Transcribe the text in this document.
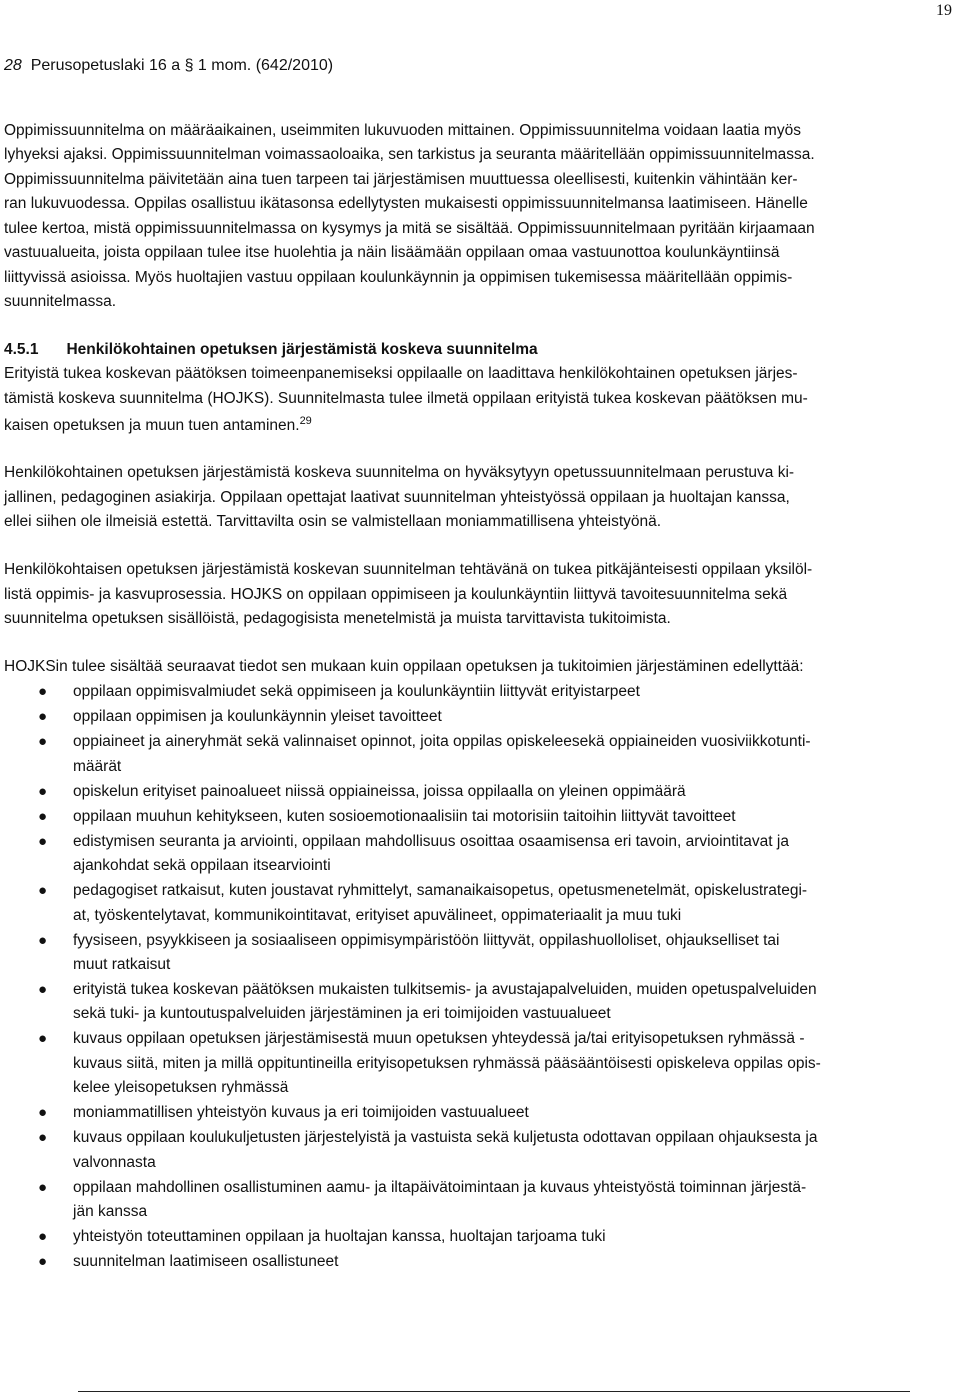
19
28 Perusopetuslaki 16 a § 1 mom. (642/2010)
Oppimissuunnitelma on määräaikainen, useimmiten lukuvuoden mittainen. Oppimissuunnitelma voidaan laatia myös
lyhyeksi ajaksi. Oppimissuunnitelman voimassaoloaika, sen tarkistus ja seuranta määritellään oppimissuunnitelmassa.
Oppimissuunnitelma päivitetään aina tuen tarpeen tai järjestämisen muuttuessa oleellisesti, kuitenkin vähintään ker-
ran lukuvuodessa. Oppilas osallistuu ikätasonsa edellytysten mukaisesti oppimissuunnitelmansa laatimiseen. Hänelle
tulee kertoa, mistä oppimissuunnitelmassa on kysymys ja mitä se sisältää. Oppimissuunnitelmaan pyritään kirjaamaan
vastuualueita, joista oppilaan tulee itse huolehtia ja näin lisäämään oppilaan omaa vastuunottoa koulunkäyntiinsä
liittyvissä asioissa. Myös huoltajien vastuu oppilaan koulunkäynnin ja oppimisen tukemisessa määritellään oppimis-
suunnitelmassa.
4.5.1 Henkilökohtainen opetuksen järjestämistä koskeva suunnitelma
Erityistä tukea koskevan päätöksen toimeenpanemiseksi oppilaalle on laadittava henkilökohtainen opetuksen järjes-
tämistä koskeva suunnitelma (HOJKS). Suunnitelmasta tulee ilmetä oppilaan erityistä tukea koskevan päätöksen mu-
kaisen opetuksen ja muun tuen antaminen.$^{29}$
Henkilökohtainen opetuksen järjestämistä koskeva suunnitelma on hyväksytyyn opetussuunnitelmaan perustuva ki-
jallinen, pedagoginen asiakirja. Oppilaan opettajat laativat suunnitelman yhteistyössä oppilaan ja huoltajan kanssa,
ellei siihen ole ilmeisiä estettä. Tarvittavilta osin se valmistellaan moniammatillisena yhteistyönä.
Henkilökohtaisen opetuksen järjestämistä koskevan suunnitelman tehtävänä on tukea pitkäjänteisesti oppilaan yksilöl-
listä oppimis- ja kasvuprosessia. HOJKS on oppilaan oppimiseen ja koulunkäyntiin liittyvä tavoitesuunnitelma sekä
suunnitelma opetuksen sisällöistä, pedagogisista menetelmistä ja muista tarvittavista tukitoimista.
HOJKSin tulee sisältää seuraavat tiedot sen mukaan kuin oppilaan opetuksen ja tukitoimien järjestäminen edellyttää:
● oppilaan oppimisvalmiudet sekä oppimiseen ja koulunkäyntiin liittyvät erityistarpeet
● oppilaan oppimisen ja koulunkäynnin yleiset tavoitteet
● oppiaineet ja aineryhmät sekä valinnaiset opinnot, joita oppilas opiskeleesekä oppiaineiden vuosiviikkotunti-
määrät
● opiskelun erityiset painoalueet niissä oppiaineissa, joissa oppilaalla on yleinen oppimäärä
● oppilaan muuhun kehitykseen, kuten sosioemotionaalisiin tai motorisiin taitoihin liittyvät tavoitteet
● edistymisen seuranta ja arviointi, oppilaan mahdollisuus osoittaa osaamisensa eri tavoin, arviointitavat ja
ajankohdat sekä oppilaan itsearviointi
● pedagogiset ratkaisut, kuten joustavat ryhmittelyt, samanaikaisopetus, opetusmenetelmät, opiskelustrategi-
at, työskentelytavat, kommunikointitavat, erityiset apuvälineet, oppimateriaalit ja muu tuki
● fyysiseen, psyykkiseen ja sosiaaliseen oppimisympäristöön liittyvät, oppilashuolloliset, ohjaukselliset tai
muut ratkaisut
● erityistä tukea koskevan päätöksen mukaisten tulkitsemis- ja avustajapalveluiden, muiden opetuspalveluiden
sekä tuki- ja kuntoutuspalveluiden järjestäminen ja eri toimijoiden vastuualueet
● kuvaus oppilaan opetuksen järjestämisestä muun opetuksen yhteydessä ja/tai erityisopetuksen ryhmässä -
kuvaus siitä, miten ja millä oppituntineilla erityisopetuksen ryhmässä pääsääntöisesti opiskeleva oppilas opis-
kelee yleisopetuksen ryhmässä
● moniammatillisen yhteistyön kuvaus ja eri toimijoiden vastuualueet
● kuvaus oppilaan koulukuljetusten järjestelyistä ja vastuista sekä kuljetusta odottavan oppilaan ohjauksesta ja
valvonnasta
● oppilaan mahdollinen osallistuminen aamu- ja iltapäivätoimintaan ja kuvaus yhteistyöstä toiminnan järjestä-
jän kanssa
● yhteistyön toteuttaminen oppilaan ja huoltajan kanssa, huoltajan tarjoama tuki
● suunnitelman laatimiseen osallistuneet
